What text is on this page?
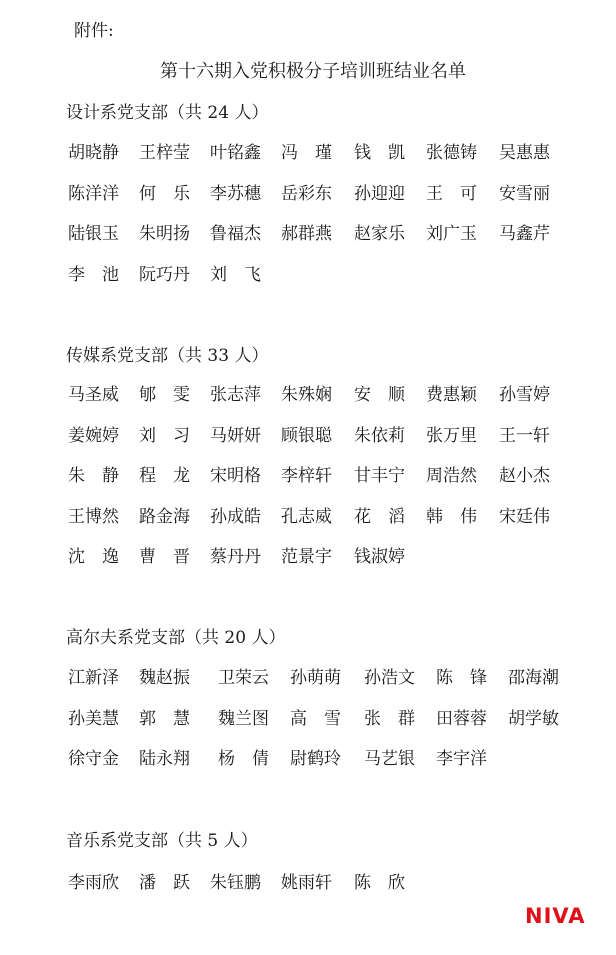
附件:
第十六期入党积极分子培训班结业名单
设计系党支部（共 24 人）
胡晓静 王梓莹 叶铭鑫 冯　瑾 钱　凯 张德铸 吴惠惠
陈洋洋 何　乐 李苏穗 岳彩东 孙迎迎 王　可 安雪丽
陆银玉 朱明扬 鲁福杰 郝群燕 赵家乐 刘广玉 马鑫芹
李　池 阮巧丹 刘　飞
传媒系党支部（共 33 人）
马圣威 郇　雯 张志萍 朱殊娴 安　顺 费惠颖 孙雪婷
姜婉婷 刘　习 马妍妍 顾银聪 朱依莉 张万里 王一轩
朱　静 程　龙 宋明格 李梓轩 甘丰宁 周浩然 赵小杰
王博然 路金海 孙成皓 孔志威 花　滔 韩　伟 宋廷伟
沈　逸 曹　晋 蔡丹丹 范景宇 钱淑婷
高尔夫系党支部（共 20 人）
江新泽 魏赵振 卫荣云 孙萌萌 孙浩文 陈　锋 邵海潮
孙美慧 郭　慧 魏兰图 高　雪 张　群 田蓉蓉 胡学敏
徐守金 陆永翔 杨　倩 尉鹤玲 马艺银 李宇洋
音乐系党支部（共 5 人）
李雨欣 潘　跃 朱钰鹏 姚雨轩 陈　欣
NIVA
